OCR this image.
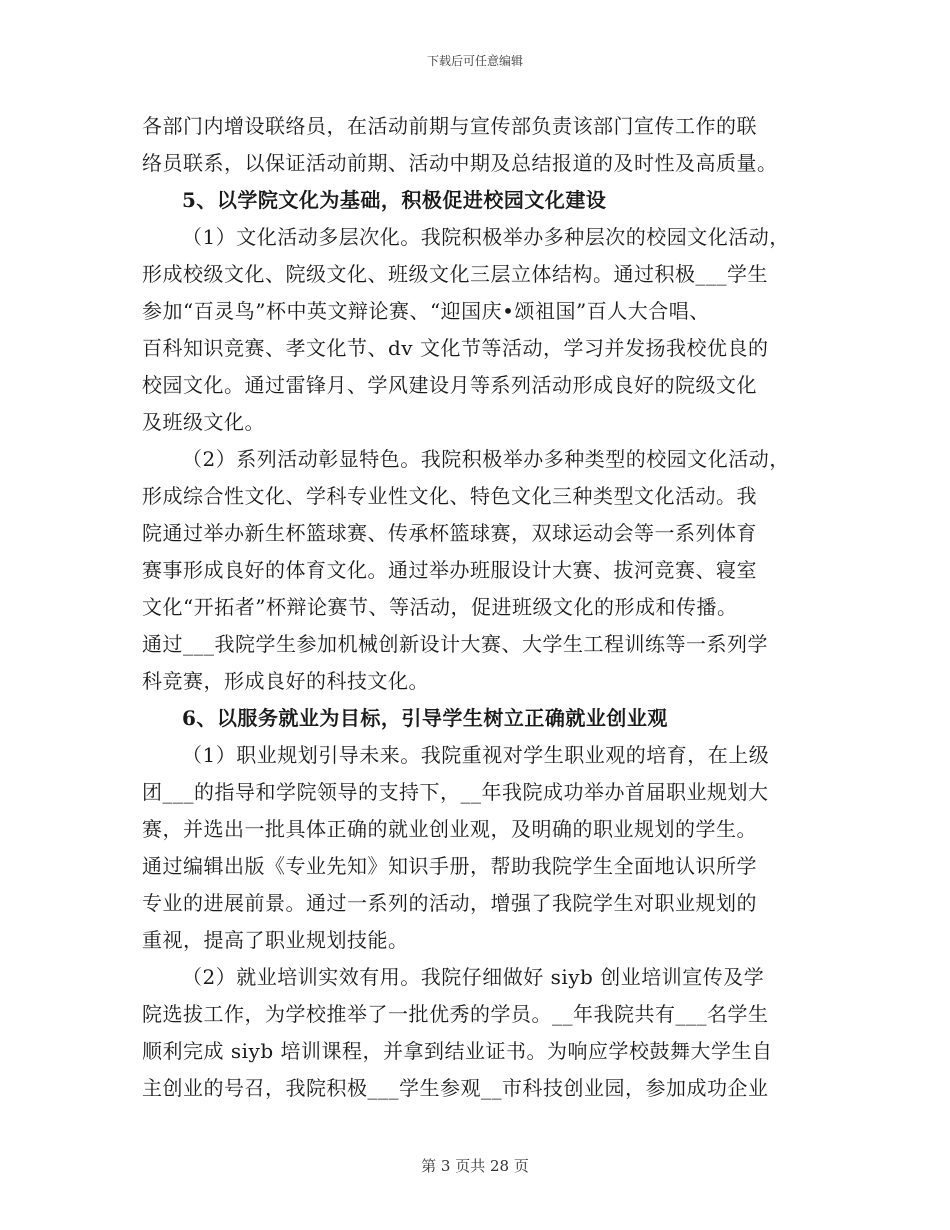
下载后可任意编辑
各部门内增设联络员，在活动前期与宣传部负责该部门宣传工作的联
络员联系，以保证活动前期、活动中期及总结报道的及时性及高质量。
5、以学院文化为基础，积极促进校园文化建设
（1）文化活动多层次化。我院积极举办多种层次的校园文化活动，
形成校级文化、院级文化、班级文化三层立体结构。通过积极___学生
参加“百灵鸟”杯中英文辩论赛、“迎国庆•颂祖国”百人大合唱、
百科知识竞赛、孝文化节、dv 文化节等活动，学习并发扬我校优良的
校园文化。通过雷锋月、学风建设月等系列活动形成良好的院级文化
及班级文化。
（2）系列活动彰显特色。我院积极举办多种类型的校园文化活动，
形成综合性文化、学科专业性文化、特色文化三种类型文化活动。我
院通过举办新生杯篮球赛、传承杯篮球赛，双球运动会等一系列体育
赛事形成良好的体育文化。通过举办班服设计大赛、拔河竞赛、寝室
文化“开拓者”杯辩论赛节、等活动，促进班级文化的形成和传播。
通过___我院学生参加机械创新设计大赛、大学生工程训练等一系列学
科竞赛，形成良好的科技文化。
6、以服务就业为目标，引导学生树立正确就业创业观
（1）职业规划引导未来。我院重视对学生职业观的培育，在上级
团___的指导和学院领导的支持下，__年我院成功举办首届职业规划大
赛，并选出一批具体正确的就业创业观，及明确的职业规划的学生。
通过编辑出版《专业先知》知识手册，帮助我院学生全面地认识所学
专业的进展前景。通过一系列的活动，增强了我院学生对职业规划的
重视，提高了职业规划技能。
（2）就业培训实效有用。我院仔细做好 siyb 创业培训宣传及学
院选拔工作，为学校推举了一批优秀的学员。__年我院共有___名学生
顺利完成 siyb 培训课程，并拿到结业证书。为响应学校鼓舞大学生自
主创业的号召，我院积极___学生参观__市科技创业园，参加成功企业
第 3 页共 28 页
